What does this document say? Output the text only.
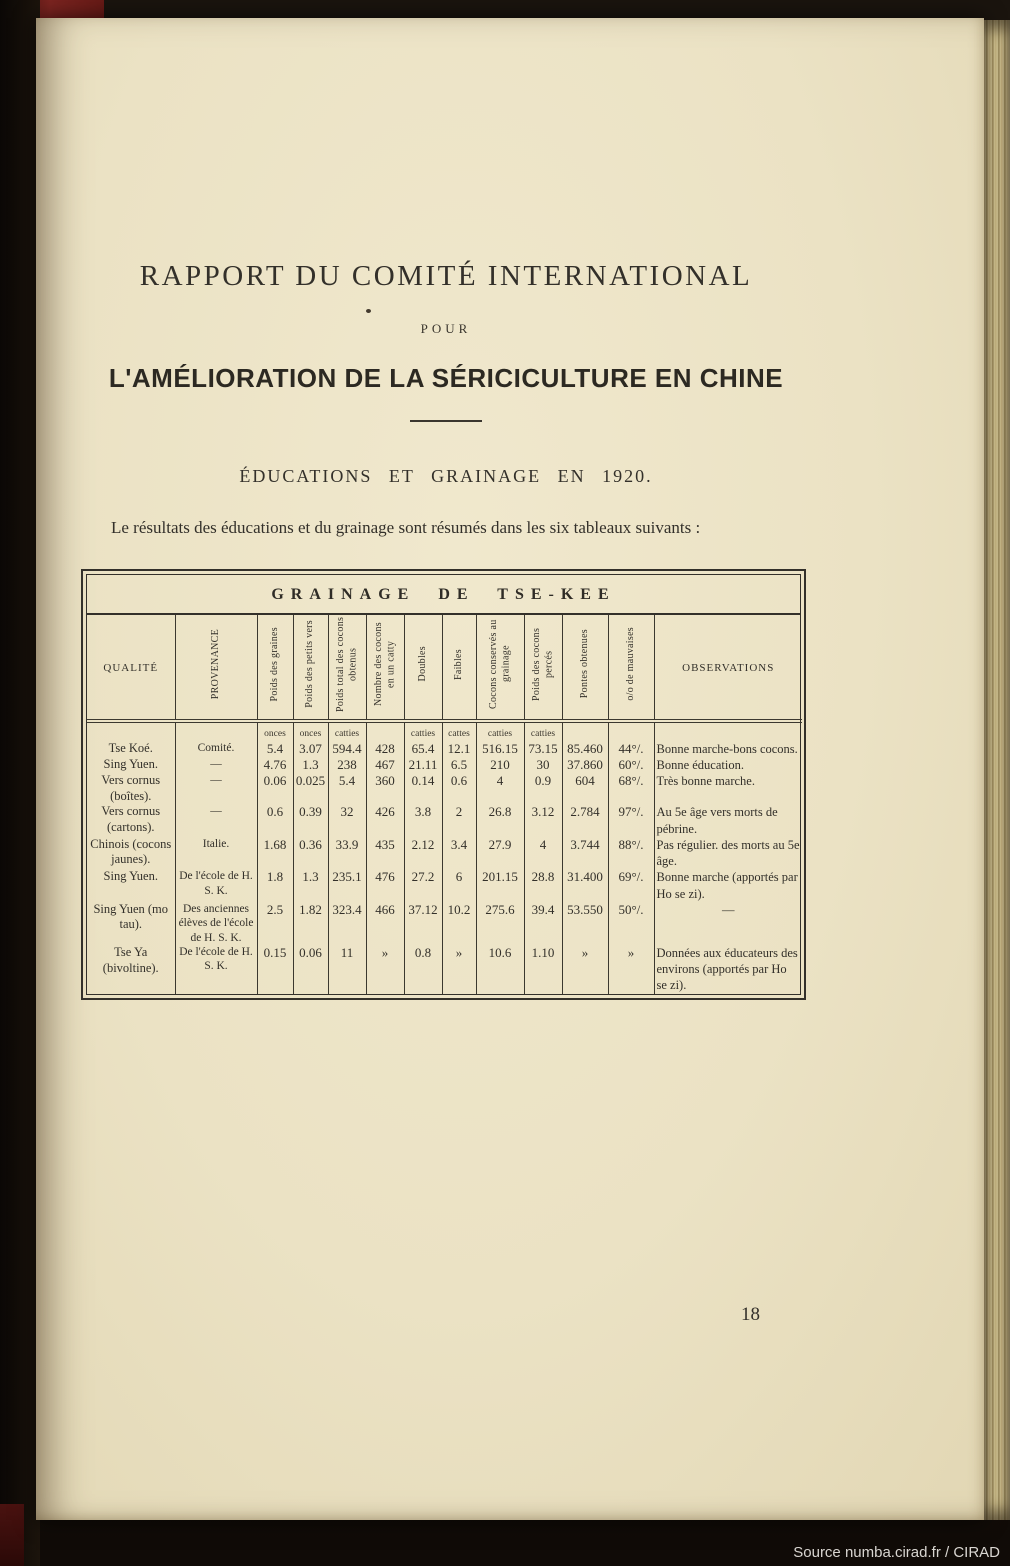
RAPPORT DU COMITÉ INTERNATIONAL
POUR
L'AMÉLIORATION DE LA SÉRICICULTURE EN CHINE
ÉDUCATIONS ET GRAINAGE EN 1920.

Le résultats des éducations et du grainage sont résumés dans les six tableaux suivants :

GRAINAGE DE TSE-KEE
QUALITÉ	PROVENANCE	Poids des graines	Poids des petits vers	Poids total des cocons obtenus	Nombre des cocons en un catty	Doubles	Faibles	Cocons conservés au grainage	Poids des cocons percés	Pontes obtenues	o/o de mauvaises	OBSERVATIONS
		onces	onces	catties		catties	cattes	catties	catties			
Tse Koé.	Comité.	5.4	3.07	594.4	428	65.4	12.1	516.15	73.15	85.460	44°/.	Bonne marche-bons cocons.
Sing Yuen.	—	4.76	1.3	238	467	21.11	6.5	210	30	37.860	60°/.	Bonne éducation.
Vers cornus (boîtes).	—	0.06	0.025	5.4	360	0.14	0.6	4	0.9	604	68°/.	Très bonne marche.
Vers cornus (cartons).	—	0.6	0.39	32	426	3.8	2	26.8	3.12	2.784	97°/.	Au 5e âge vers morts de pébrine.
Chinois (cocons jaunes).	Italie.	1.68	0.36	33.9	435	2.12	3.4	27.9	4	3.744	88°/.	Pas régulier. des morts au 5e âge.
Sing Yuen.	De l'école de H. S. K.	1.8	1.3	235.1	476	27.2	6	201.15	28.8	31.400	69°/.	Bonne marche (apportés par Ho se zi).
Sing Yuen (mo tau).	Des anciennes élèves de l'école de H. S. K.	2.5	1.82	323.4	466	37.12	10.2	275.6	39.4	53.550	50°/.	—
Tse Ya (bivoltine).	De l'école de H. S. K.	0.15	0.06	11	»	0.8	»	10.6	1.10	»	»	Données aux éducateurs des environs (apportés par Ho se zi).
18
Source numba.cirad.fr / CIRAD
